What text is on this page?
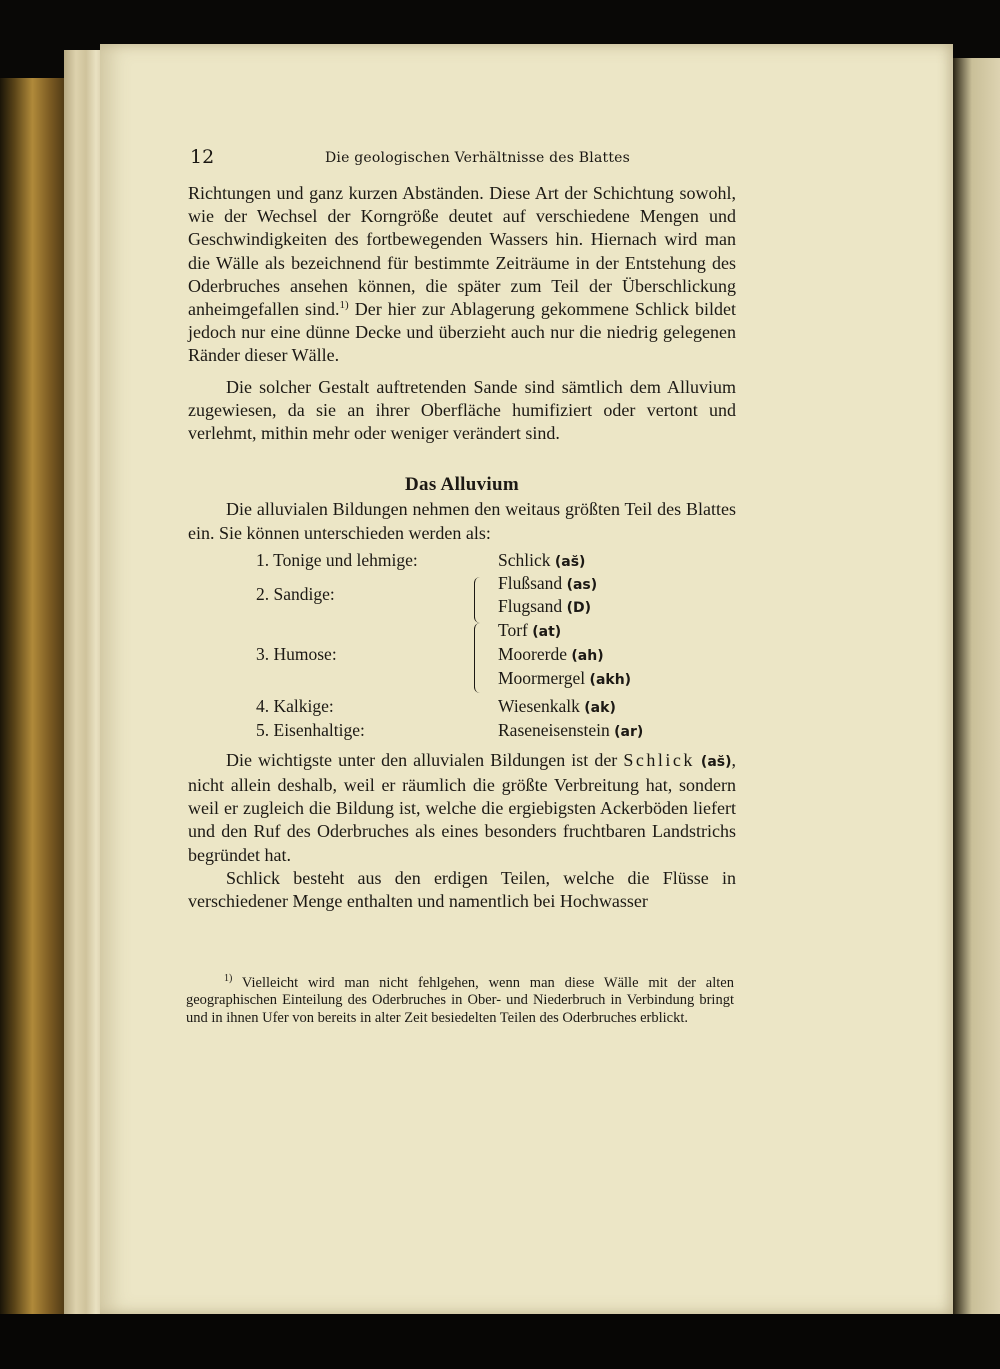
12	Die geologischen Verhältnisse des Blattes

Richtungen und ganz kurzen Abständen. Diese Art der Schichtung sowohl, wie der Wechsel der Korngröße deutet auf verschiedene Mengen und Geschwindigkeiten des fortbewegenden Wassers hin. Hiernach wird man die Wälle als bezeichnend für bestimmte Zeiträume in der Entstehung des Oderbruches ansehen können, die später zum Teil der Überschlickung anheimgefallen sind.$^{1)}$ Der hier zur Ablagerung gekommene Schlick bildet jedoch nur eine dünne Decke und überzieht auch nur die niedrig gelegenen Ränder dieser Wälle.

Die solcher Gestalt auftretenden Sande sind sämtlich dem Alluvium zugewiesen, da sie an ihrer Oberfläche humifiziert oder vertont und verlehmt, mithin mehr oder weniger verändert sind.

Das Alluvium

Die alluvialen Bildungen nehmen den weitaus größten Teil des Blattes ein. Sie können unterschieden werden als:

1. Tonige und lehmige:	Schlick (as̆)
2. Sandige:
Flußsand (as)
Flugsand (D)
3. Humose:
Torf (at)
Moorerde (ah)
Moormergel (akh)
4. Kalkige:	Wiesenkalk (ak)
5. Eisenhaltige:	Raseneisenstein (ar)

Die wichtigste unter den alluvialen Bildungen ist der Schlick (as̆), nicht allein deshalb, weil er räumlich die größte Verbreitung hat, sondern weil er zugleich die Bildung ist, welche die ergiebigsten Ackerböden liefert und den Ruf des Oderbruches als eines besonders fruchtbaren Landstrichs begründet hat.

Schlick besteht aus den erdigen Teilen, welche die Flüsse in verschiedener Menge enthalten und namentlich bei Hochwasser

$^{1)}$ Vielleicht wird man nicht fehlgehen, wenn man diese Wälle mit der alten geographischen Einteilung des Oderbruches in Ober- und Niederbruch in Verbindung bringt und in ihnen Ufer von bereits in alter Zeit besiedelten Teilen des Oderbruches erblickt.
